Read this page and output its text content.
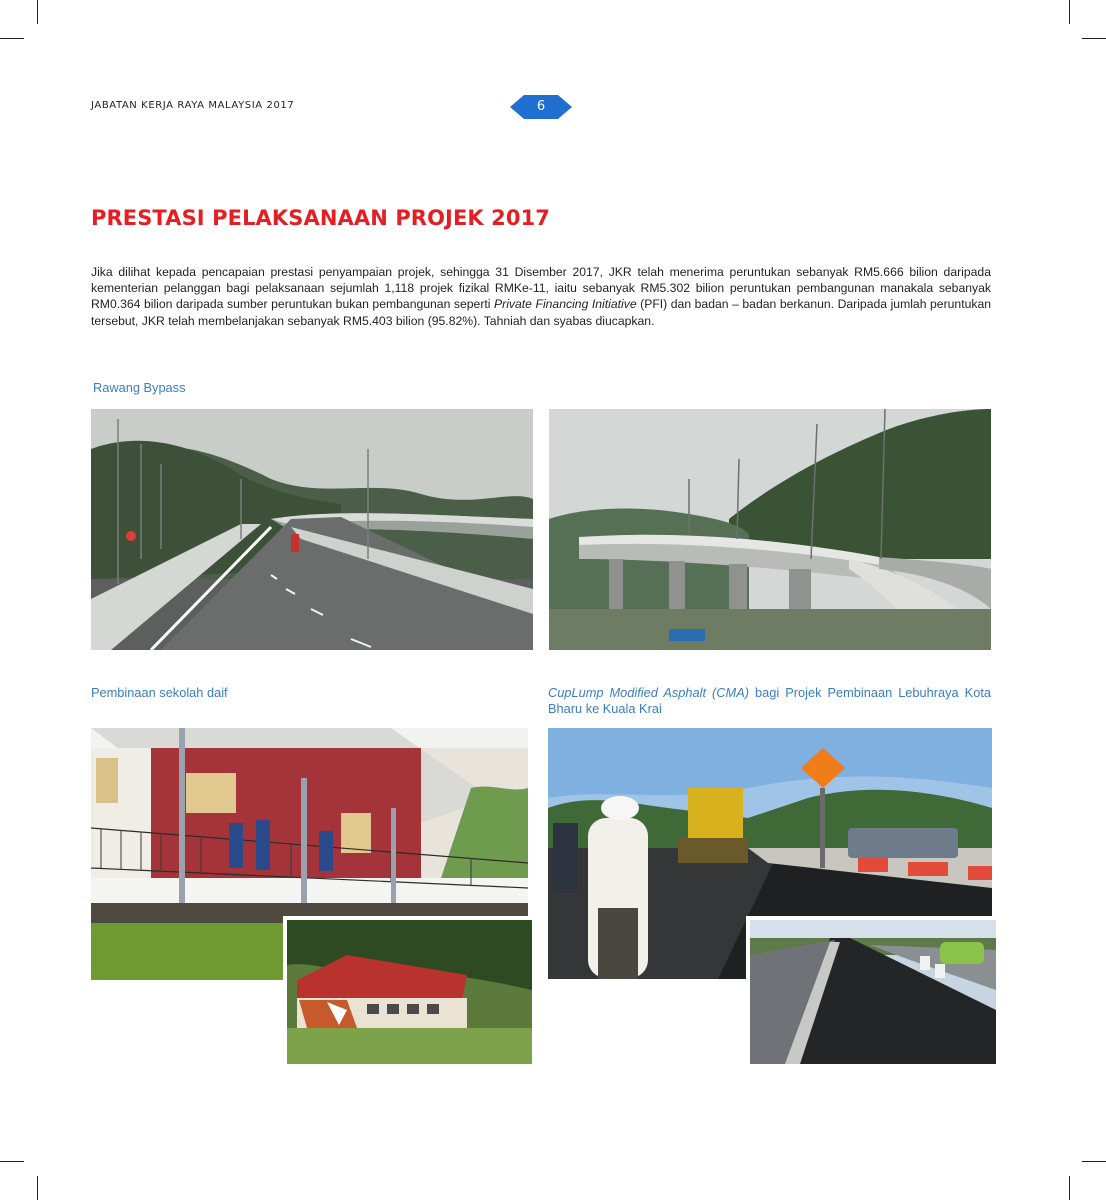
JABATAN KERJA RAYA MALAYSIA 2017	6
PRESTASI PELAKSANAAN PROJEK 2017

Jika dilihat kepada pencapaian prestasi penyampaian projek, sehingga 31 Disember 2017, JKR telah menerima peruntukan sebanyak RM5.666 bilion daripada kementerian pelanggan bagi pelaksanaan sejumlah 1,118 projek fizikal RMKe-11, iaitu sebanyak RM5.302 bilion peruntukan pembangunan manakala sebanyak RM0.364 bilion daripada sumber peruntukan bukan pembangunan seperti Private Financing Initiative (PFI) dan badan – badan berkanun. Daripada jumlah peruntukan tersebut, JKR telah membelanjakan sebanyak RM5.403 bilion (95.82%). Tahniah dan syabas diucapkan.

Rawang Bypass
Pembinaan sekolah daif	CupLump Modified Asphalt (CMA) bagi Projek Pembinaan Lebuhraya Kota Bharu ke Kuala Krai
